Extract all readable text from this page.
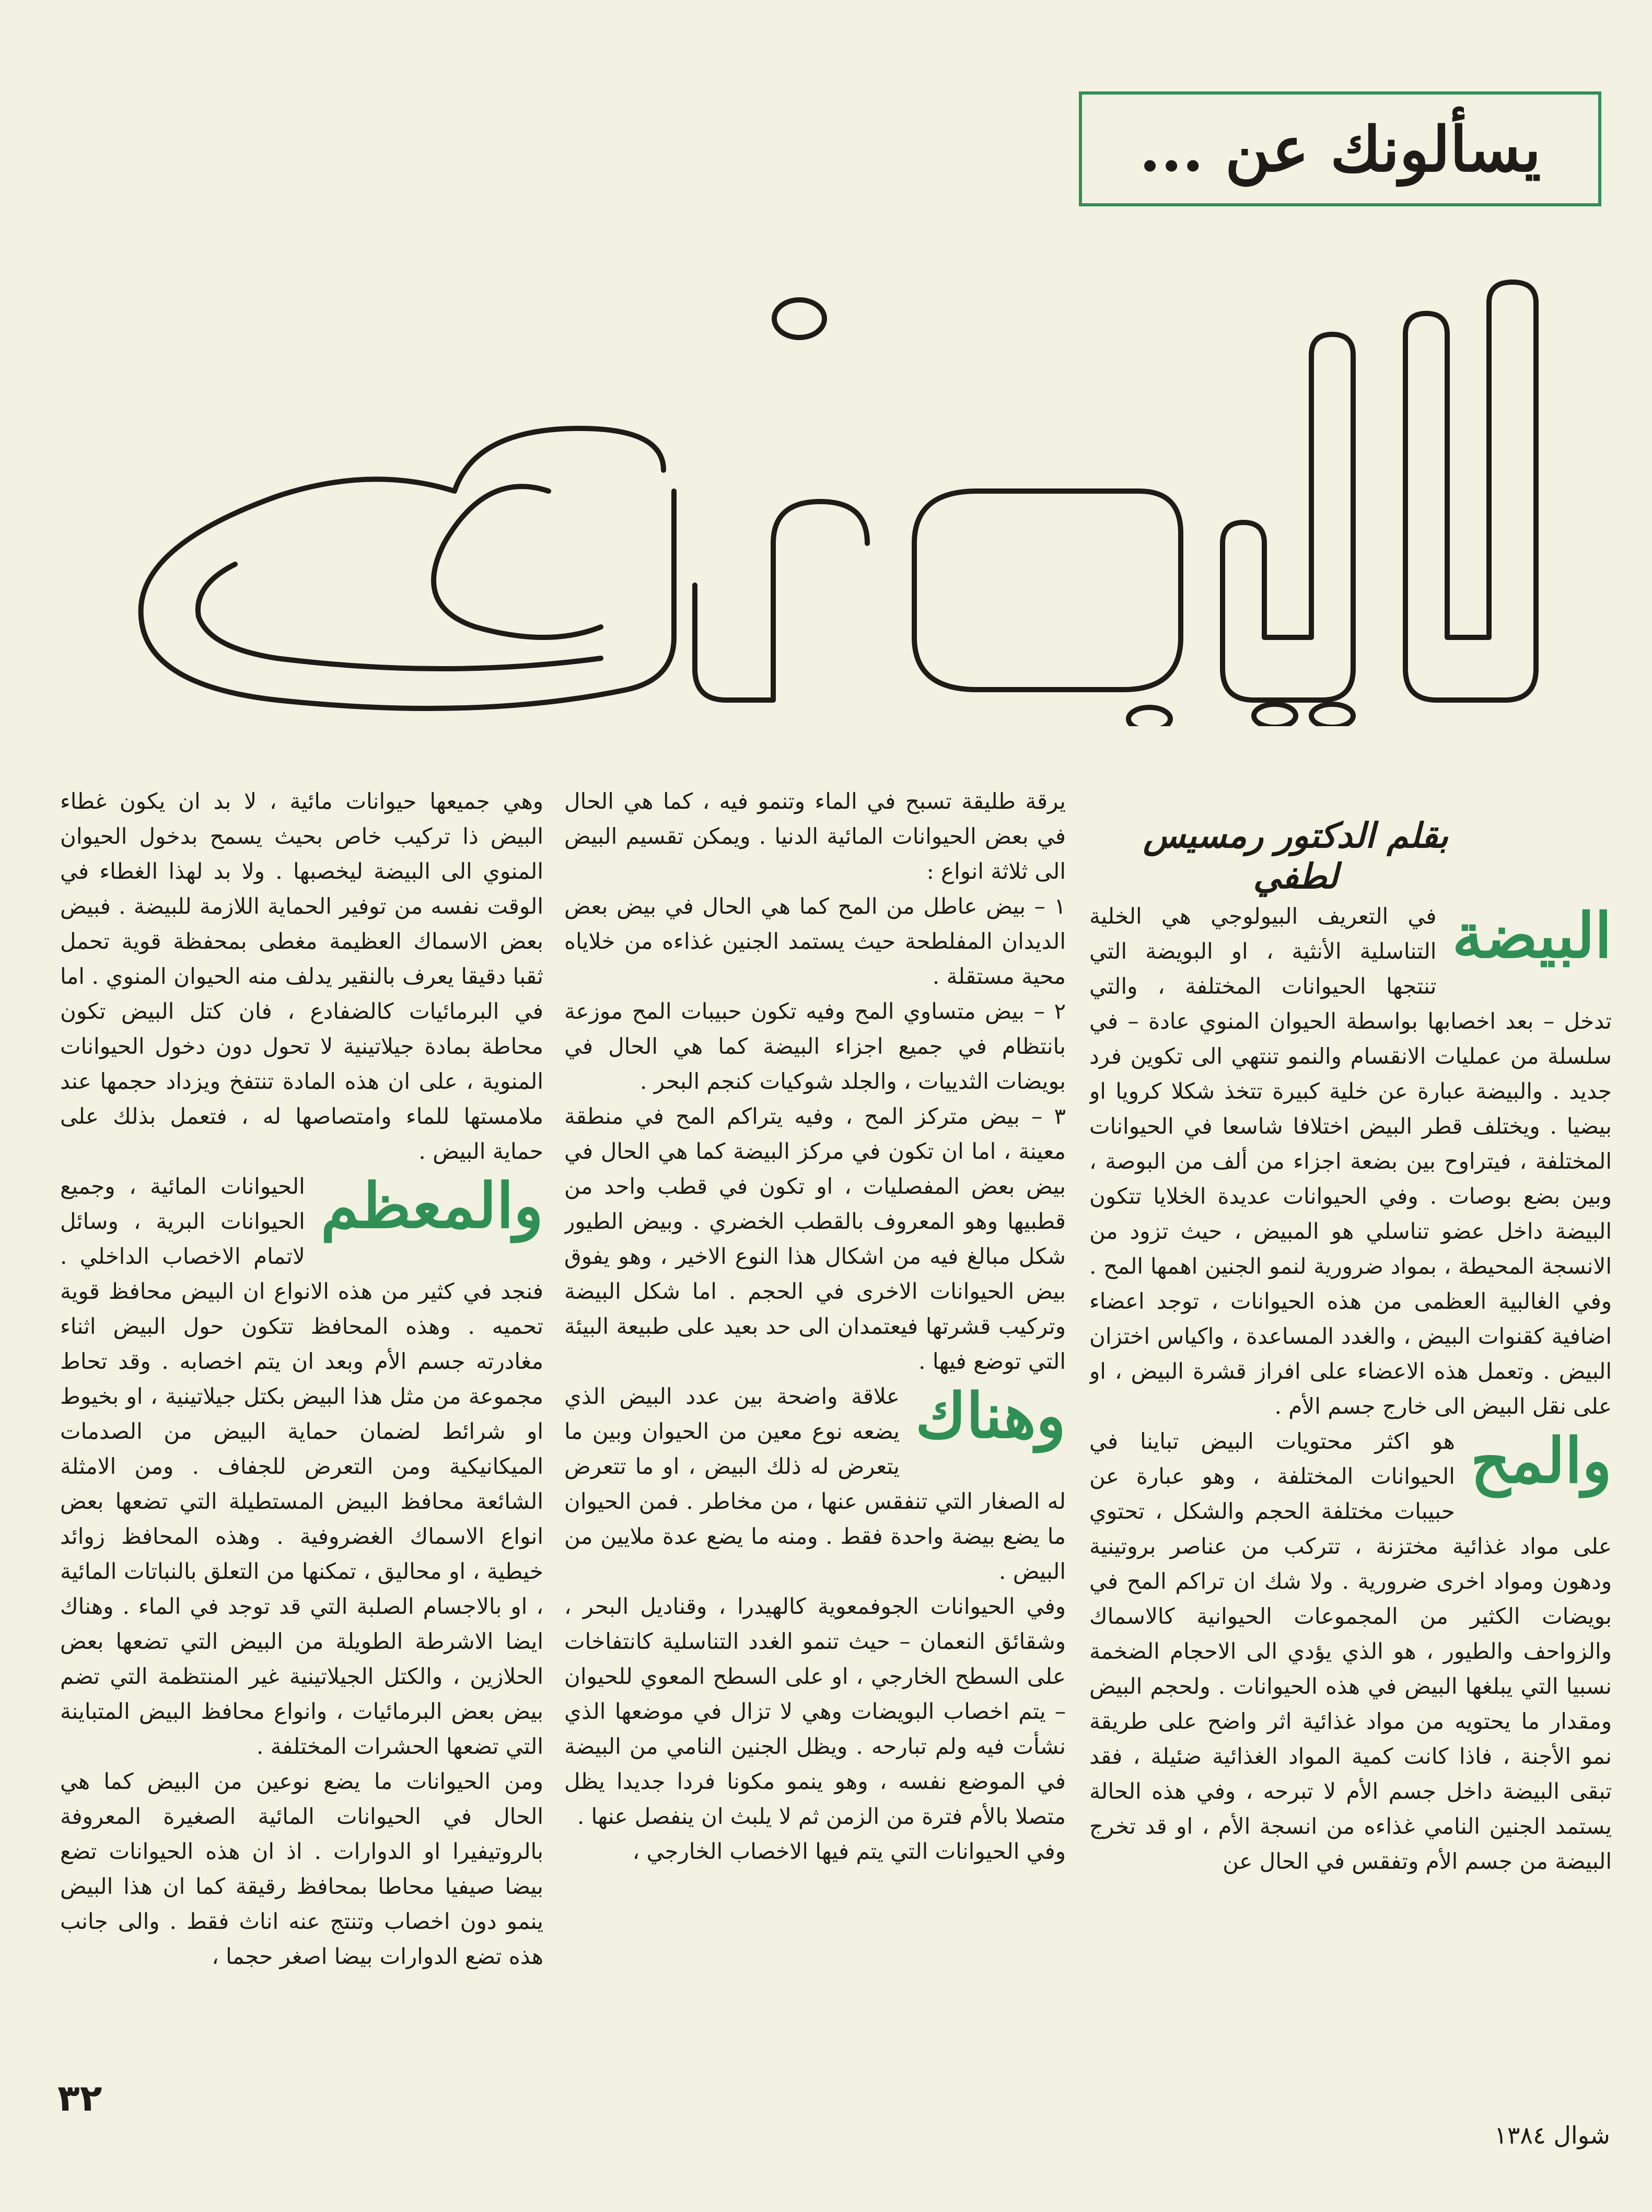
يسألونك عن ...
بقلم الدكتور رمسيس لطفي
البيضة

في التعريف البيولوجي هي الخلية التناسلية الأنثية ، او البويضة التي تنتجها الحيوانات المختلفة ، والتي تدخل – بعد اخصابها بواسطة الحيوان المنوي عادة – في سلسلة من عمليات الانقسام والنمو تنتهي الى تكوين فرد جديد . والبيضة عبارة عن خلية كبيرة تتخذ شكلا كرويا او بيضيا . ويختلف قطر البيض اختلافا شاسعا في الحيوانات المختلفة ، فيتراوح بين بضعة اجزاء من ألف من البوصة ، وبين بضع بوصات . وفي الحيوانات عديدة الخلايا تتكون البيضة داخل عضو تناسلي هو المبيض ، حيث تزود من الانسجة المحيطة ، بمواد ضرورية لنمو الجنين اهمها المح . وفي الغالبية العظمى من هذه الحيوانات ، توجد اعضاء اضافية كقنوات البيض ، والغدد المساعدة ، واكياس اختزان البيض . وتعمل هذه الاعضاء على افراز قشرة البيض ، او على نقل البيض الى خارج جسم الأم .

والمح

هو اكثر محتويات البيض تباينا في الحيوانات المختلفة ، وهو عبارة عن حبيبات مختلفة الحجم والشكل ، تحتوي على مواد غذائية مختزنة ، تتركب من عناصر بروتينية ودهون ومواد اخرى ضرورية . ولا شك ان تراكم المح في بويضات الكثير من المجموعات الحيوانية كالاسماك والزواحف والطيور ، هو الذي يؤدي الى الاحجام الضخمة نسبيا التي يبلغها البيض في هذه الحيوانات . ولحجم البيض ومقدار ما يحتويه من مواد غذائية اثر واضح على طريقة نمو الأجنة ، فاذا كانت كمية المواد الغذائية ضئيلة ، فقد تبقى البيضة داخل جسم الأم لا تبرحه ، وفي هذه الحالة يستمد الجنين النامي غذاءه من انسجة الأم ، او قد تخرج البيضة من جسم الأم وتفقس في الحال عن

يرقة طليقة تسبح في الماء وتنمو فيه ، كما هي الحال في بعض الحيوانات المائية الدنيا . ويمكن تقسيم البيض الى ثلاثة انواع :

١ – بيض عاطل من المح كما هي الحال في بيض بعض الديدان المفلطحة حيث يستمد الجنين غذاءه من خلاياه محية مستقلة .

٢ – بيض متساوي المح وفيه تكون حبيبات المح موزعة بانتظام في جميع اجزاء البيضة كما هي الحال في بويضات الثدييات ، والجلد شوكيات كنجم البحر .

٣ – بيض متركز المح ، وفيه يتراكم المح في منطقة معينة ، اما ان تكون في مركز البيضة كما هي الحال في بيض بعض المفصليات ، او تكون في قطب واحد من قطبيها وهو المعروف بالقطب الخضري . وبيض الطيور شكل مبالغ فيه من اشكال هذا النوع الاخير ، وهو يفوق بيض الحيوانات الاخرى في الحجم . اما شكل البيضة وتركيب قشرتها فيعتمدان الى حد بعيد على طبيعة البيئة التي توضع فيها .

وهناك

علاقة واضحة بين عدد البيض الذي يضعه نوع معين من الحيوان وبين ما يتعرض له ذلك البيض ، او ما تتعرض له الصغار التي تنفقس عنها ، من مخاطر . فمن الحيوان ما يضع بيضة واحدة فقط . ومنه ما يضع عدة ملايين من البيض .

وفي الحيوانات الجوفمعوية كالهيدرا ، وقناديل البحر ، وشقائق النعمان – حيث تنمو الغدد التناسلية كانتفاخات على السطح الخارجي ، او على السطح المعوي للحيوان – يتم اخصاب البويضات وهي لا تزال في موضعها الذي نشأت فيه ولم تبارحه . ويظل الجنين النامي من البيضة في الموضع نفسه ، وهو ينمو مكونا فردا جديدا يظل متصلا بالأم فترة من الزمن ثم لا يلبث ان ينفصل عنها .

وفي الحيوانات التي يتم فيها الاخصاب الخارجي ،

وهي جميعها حيوانات مائية ، لا بد ان يكون غطاء البيض ذا تركيب خاص بحيث يسمح بدخول الحيوان المنوي الى البيضة ليخصبها . ولا بد لهذا الغطاء في الوقت نفسه من توفير الحماية اللازمة للبيضة . فبيض بعض الاسماك العظيمة مغطى بمحفظة قوية تحمل ثقبا دقيقا يعرف بالنقير يدلف منه الحيوان المنوي . اما في البرمائيات كالضفادع ، فان كتل البيض تكون محاطة بمادة جيلاتينية لا تحول دون دخول الحيوانات المنوية ، على ان هذه المادة تنتفخ ويزداد حجمها عند ملامستها للماء وامتصاصها له ، فتعمل بذلك على حماية البيض .

والمعظم

الحيوانات المائية ، وجميع الحيوانات البرية ، وسائل لاتمام الاخصاب الداخلي . فنجد في كثير من هذه الانواع ان البيض محافظ قوية تحميه . وهذه المحافظ تتكون حول البيض اثناء مغادرته جسم الأم وبعد ان يتم اخصابه . وقد تحاط مجموعة من مثل هذا البيض بكتل جيلاتينية ، او بخيوط او شرائط لضمان حماية البيض من الصدمات الميكانيكية ومن التعرض للجفاف . ومن الامثلة الشائعة محافظ البيض المستطيلة التي تضعها بعض انواع الاسماك الغضروفية . وهذه المحافظ زوائد خيطية ، او محاليق ، تمكنها من التعلق بالنباتات المائية ، او بالاجسام الصلبة التي قد توجد في الماء . وهناك ايضا الاشرطة الطويلة من البيض التي تضعها بعض الحلازين ، والكتل الجيلاتينية غير المنتظمة التي تضم بيض بعض البرمائيات ، وانواع محافظ البيض المتباينة التي تضعها الحشرات المختلفة .

ومن الحيوانات ما يضع نوعين من البيض كما هي الحال في الحيوانات المائية الصغيرة المعروفة بالروتيفيرا او الدوارات . اذ ان هذه الحيوانات تضع بيضا صيفيا محاطا بمحافظ رقيقة كما ان هذا البيض ينمو دون اخصاب وتنتج عنه اناث فقط . والى جانب هذه تضع الدوارات بيضا اصغر حجما ،

٣٢
شوال ١٣٨٤
